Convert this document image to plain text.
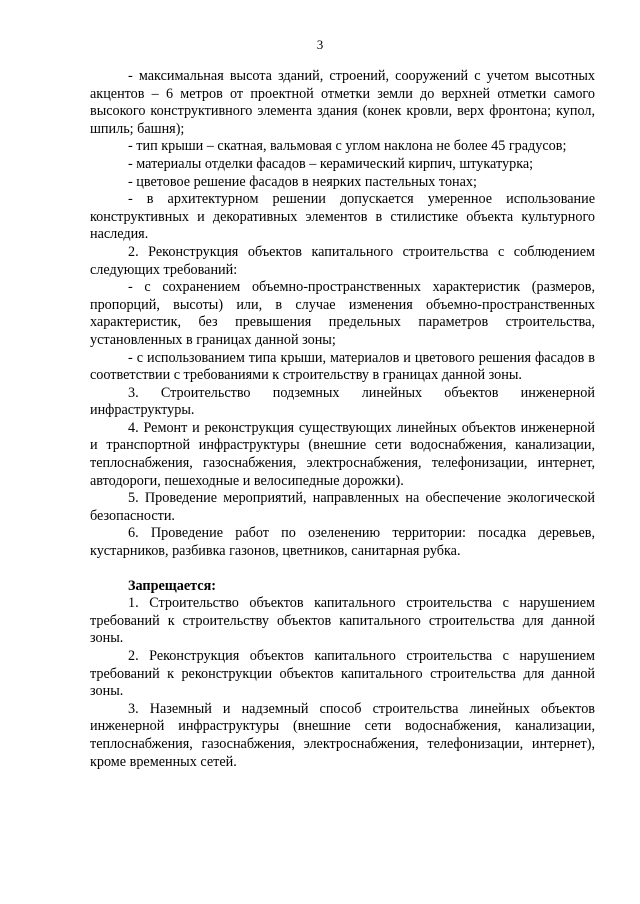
3

- максимальная высота зданий, строений, сооружений с учетом высотных акцентов – 6 метров от проектной отметки земли до верхней отметки самого высокого конструктивного элемента здания (конек кровли, верх фронтона; купол, шпиль; башня);

- тип крыши – скатная, вальмовая с углом наклона не более 45 градусов;

- материалы отделки фасадов – керамический кирпич, штукатурка;

- цветовое решение фасадов в неярких пастельных тонах;

- в архитектурном решении допускается умеренное использование конструктивных и декоративных элементов в стилистике объекта культурного наследия.

2. Реконструкция объектов капитального строительства с соблюдением следующих требований:

- с сохранением объемно-пространственных характеристик (размеров, пропорций, высоты) или, в случае изменения объемно-пространственных характеристик, без превышения предельных параметров строительства, установленных в границах данной зоны;

- с использованием типа крыши, материалов и цветового решения фасадов в соответствии с требованиями к строительству в границах данной зоны.

3. Строительство подземных линейных объектов инженерной инфраструктуры.

4. Ремонт и реконструкция существующих линейных объектов инженерной и транспортной инфраструктуры (внешние сети водоснабжения, канализации, теплоснабжения, газоснабжения, электроснабжения, телефонизации, интернет, автодороги, пешеходные и велосипедные дорожки).

5. Проведение мероприятий, направленных на обеспечение экологической безопасности.

6. Проведение работ по озеленению территории: посадка деревьев, кустарников, разбивка газонов, цветников, санитарная рубка.

Запрещается:

1. Строительство объектов капитального строительства с нарушением требований к строительству объектов капитального строительства для данной зоны.

2. Реконструкция объектов капитального строительства с нарушением требований к реконструкции объектов капитального строительства для данной зоны.

3. Наземный и надземный способ строительства линейных объектов инженерной инфраструктуры (внешние сети водоснабжения, канализации, теплоснабжения, газоснабжения, электроснабжения, телефонизации, интернет), кроме временных сетей.
